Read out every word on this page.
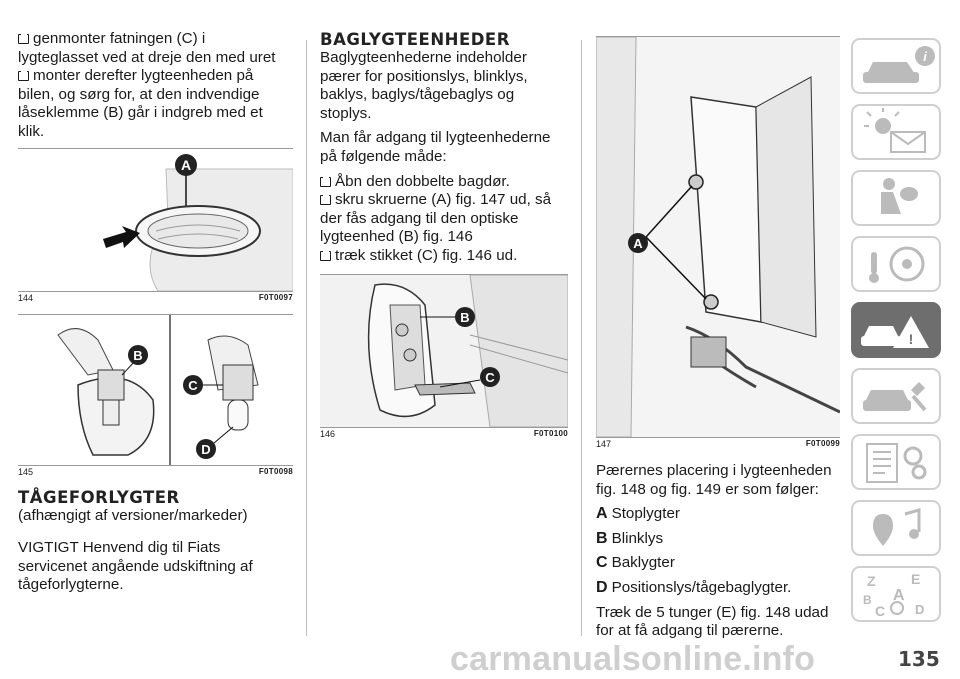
genmonter fatningen (C) i
lygteglasset ved at dreje den med uret
monter derefter lygteenheden på bilen, og sørg for, at den indvendige låseklemme (B) går i indgreb med et klik.

A
144	F0T0097
B
C
D
145	F0T0098
TÅGEFORLYGTER

(afhængigt af versioner/markeder)

VIGTIGT Henvend dig til Fiats servicenet angående udskiftning af tågeforlygterne.

BAGLYGTEENHEDER

Baglygteenhederne indeholder pærer for positionslys, blinklys, baklys, baglys/tågebaglys og stoplys.

Man får adgang til lygteenhederne på følgende måde:

Åbn den dobbelte bagdør.
skru skruerne (A) fig. 147 ud, så der fås adgang til den optiske lygteenhed (B) fig. 146
træk stikket (C) fig. 146 ud.

B
C
146	F0T0100
A
147	F0T0099

Pærernes placering i lygteenheden fig. 148 og fig. 149 er som følger:

A Stoplygter

B Blinklys

C Baklygter

D Positionslys/tågebaglygter.

Træk de 5 tunger (E) fig. 148 udad for at få adgang til pærerne.

i
!
Z	E
A
B
C D
carmanualsonline.info	135
